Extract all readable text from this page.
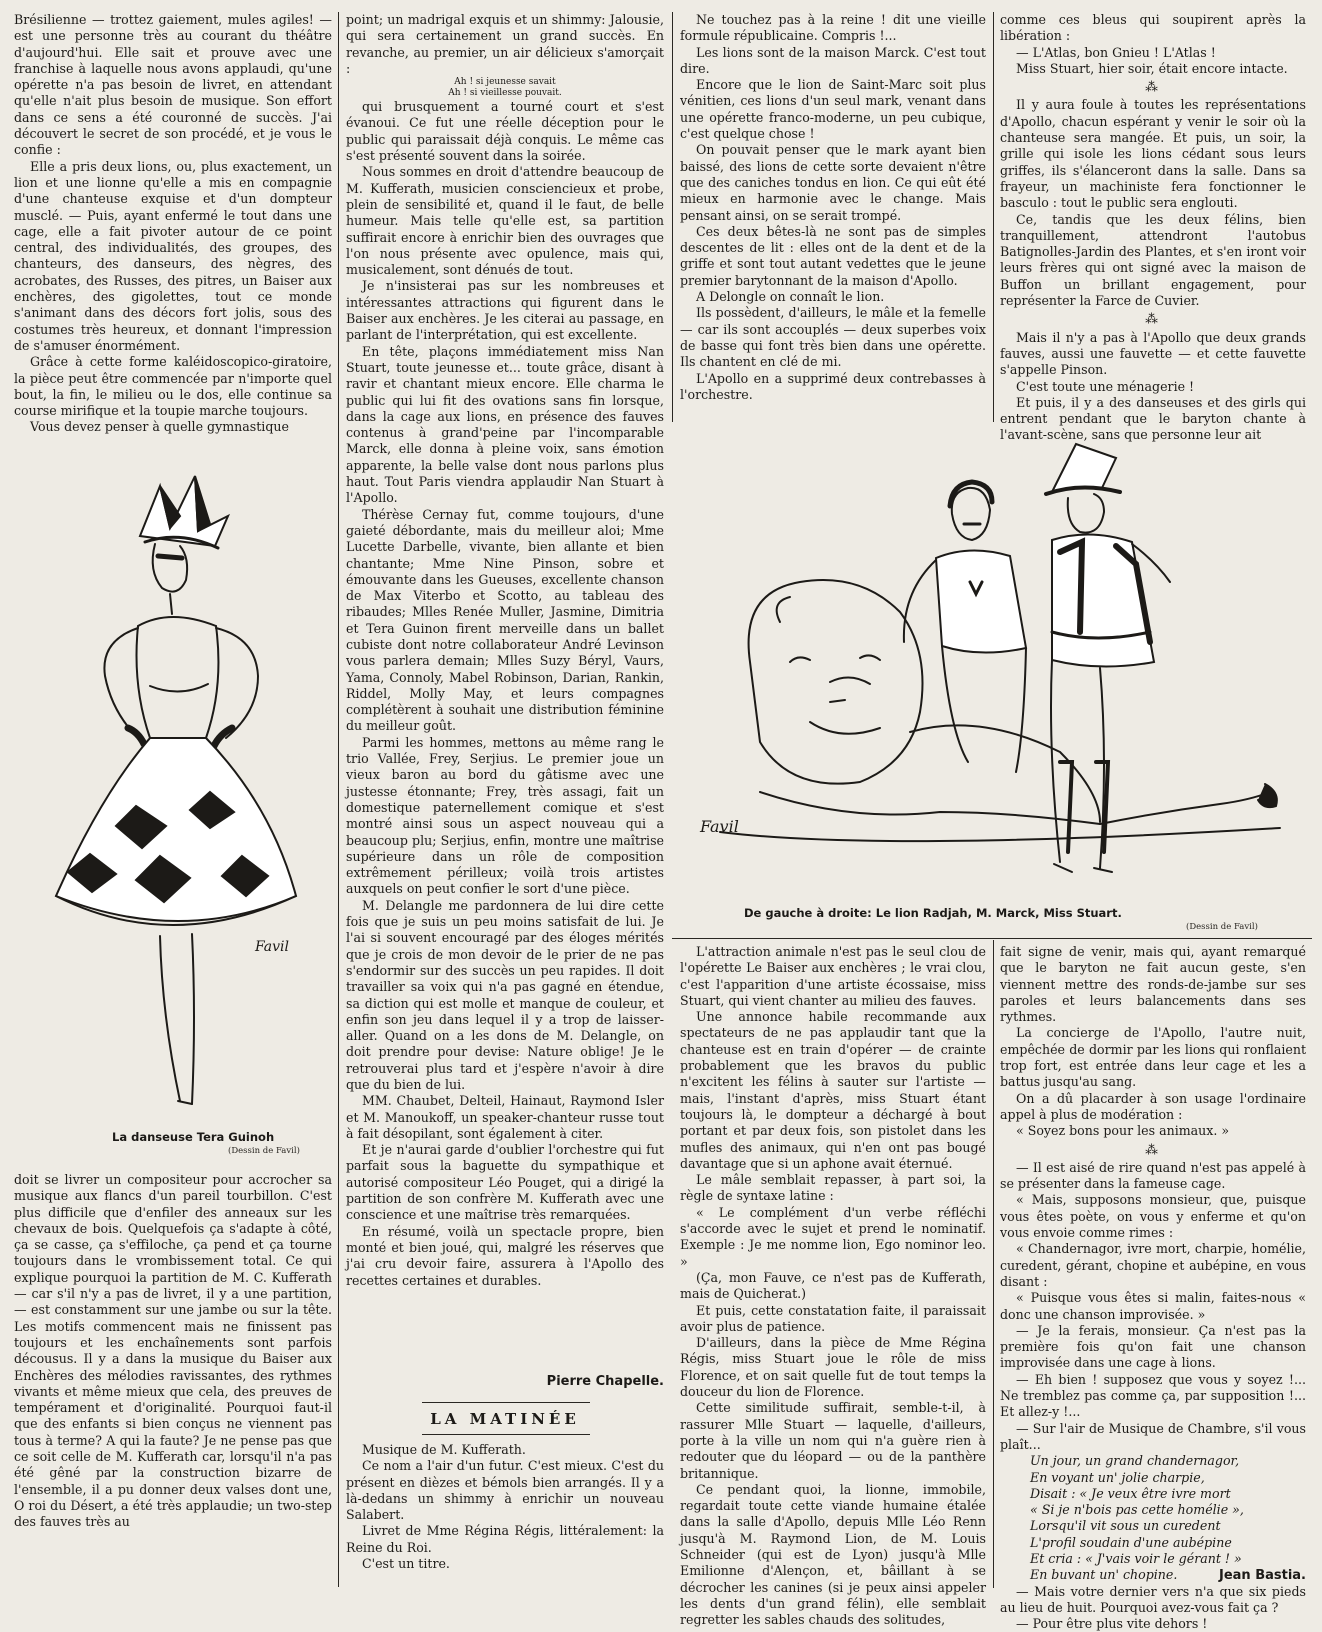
Brésilienne — trottez gaiement, mules agiles! — est une personne très au courant du théâtre d'aujourd'hui. Elle sait et prouve avec une franchise à laquelle nous avons applaudi, qu'une opérette n'a pas besoin de livret, en attendant qu'elle n'ait plus besoin de musique. Son effort dans ce sens a été couronné de succès. J'ai découvert le secret de son procédé, et je vous le confie :

Elle a pris deux lions, ou, plus exactement, un lion et une lionne qu'elle a mis en compagnie d'une chanteuse exquise et d'un dompteur musclé. — Puis, ayant enfermé le tout dans une cage, elle a fait pivoter autour de ce point central, des individualités, des groupes, des chanteurs, des danseurs, des nègres, des acrobates, des Russes, des pitres, un Baiser aux enchères, des gigolettes, tout ce monde s'animant dans des décors fort jolis, sous des costumes très heureux, et donnant l'impression de s'amuser énormément.

Grâce à cette forme kaléidoscopico-giratoire, la pièce peut être commencée par n'importe quel bout, la fin, le milieu ou le dos, elle continue sa course mirifique et la toupie marche toujours.

Vous devez penser à quelle gymnastique

Favil
La danseuse Tera Guinoh
(Dessin de Favil)

doit se livrer un compositeur pour accrocher sa musique aux flancs d'un pareil tourbillon. C'est plus difficile que d'enfiler des anneaux sur les chevaux de bois. Quelquefois ça s'adapte à côté, ça se casse, ça s'effiloche, ça pend et ça tourne toujours dans le vrombissement total. Ce qui explique pourquoi la partition de M. C. Kufferath — car s'il n'y a pas de livret, il y a une partition, — est constamment sur une jambe ou sur la tête. Les motifs commencent mais ne finissent pas toujours et les enchaînements sont parfois décousus. Il y a dans la musique du Baiser aux Enchères des mélodies ravissantes, des rythmes vivants et même mieux que cela, des preuves de tempérament et d'originalité. Pourquoi faut-il que des enfants si bien conçus ne viennent pas tous à terme? A qui la faute? Je ne pense pas que ce soit celle de M. Kufferath car, lorsqu'il n'a pas été gêné par la construction bizarre de l'ensemble, il a pu donner deux valses dont une, O roi du Désert, a été très applaudie; un two-step des fauves très au

point; un madrigal exquis et un shimmy: Jalousie, qui sera certainement un grand succès. En revanche, au premier, un air délicieux s'amorçait :

Ah ! si jeunesse savait

Ah ! si vieillesse pouvait.

qui brusquement a tourné court et s'est évanoui. Ce fut une réelle déception pour le public qui paraissait déjà conquis. Le même cas s'est présenté souvent dans la soirée.

Nous sommes en droit d'attendre beaucoup de M. Kufferath, musicien consciencieux et probe, plein de sensibilité et, quand il le faut, de belle humeur. Mais telle qu'elle est, sa partition suffirait encore à enrichir bien des ouvrages que l'on nous présente avec opulence, mais qui, musicalement, sont dénués de tout.

Je n'insisterai pas sur les nombreuses et intéressantes attractions qui figurent dans le Baiser aux enchères. Je les citerai au passage, en parlant de l'interprétation, qui est excellente.

En tête, plaçons immédiatement miss Nan Stuart, toute jeunesse et... toute grâce, disant à ravir et chantant mieux encore. Elle charma le public qui lui fit des ovations sans fin lorsque, dans la cage aux lions, en présence des fauves contenus à grand'peine par l'incomparable Marck, elle donna à pleine voix, sans émotion apparente, la belle valse dont nous parlons plus haut. Tout Paris viendra applaudir Nan Stuart à l'Apollo.

Thérèse Cernay fut, comme toujours, d'une gaieté débordante, mais du meilleur aloi; Mme Lucette Darbelle, vivante, bien allante et bien chantante; Mme Nine Pinson, sobre et émouvante dans les Gueuses, excellente chanson de Max Viterbo et Scotto, au tableau des ribaudes; Mlles Renée Muller, Jasmine, Dimitria et Tera Guinon firent merveille dans un ballet cubiste dont notre collaborateur André Levinson vous parlera demain; Mlles Suzy Béryl, Vaurs, Yama, Connoly, Mabel Robinson, Darian, Rankin, Riddel, Molly May, et leurs compagnes complétèrent à souhait une distribution féminine du meilleur goût.

Parmi les hommes, mettons au même rang le trio Vallée, Frey, Serjius. Le premier joue un vieux baron au bord du gâtisme avec une justesse étonnante; Frey, très assagi, fait un domestique paternellement comique et s'est montré ainsi sous un aspect nouveau qui a beaucoup plu; Serjius, enfin, montre une maîtrise supérieure dans un rôle de composition extrêmement périlleux; voilà trois artistes auxquels on peut confier le sort d'une pièce.

M. Delangle me pardonnera de lui dire cette fois que je suis un peu moins satisfait de lui. Je l'ai si souvent encouragé par des éloges mérités que je crois de mon devoir de le prier de ne pas s'endormir sur des succès un peu rapides. Il doit travailler sa voix qui n'a pas gagné en étendue, sa diction qui est molle et manque de couleur, et enfin son jeu dans lequel il y a trop de laisser-aller. Quand on a les dons de M. Delangle, on doit prendre pour devise: Nature oblige! Je le retrouverai plus tard et j'espère n'avoir à dire que du bien de lui.

MM. Chaubet, Delteil, Hainaut, Raymond Isler et M. Manoukoff, un speaker-chanteur russe tout à fait désopilant, sont également à citer.

Et je n'aurai garde d'oublier l'orchestre qui fut parfait sous la baguette du sympathique et autorisé compositeur Léo Pouget, qui a dirigé la partition de son confrère M. Kufferath avec une conscience et une maîtrise très remarquées.

En résumé, voilà un spectacle propre, bien monté et bien joué, qui, malgré les réserves que j'ai cru devoir faire, assurera à l'Apollo des recettes certaines et durables.

Pierre Chapelle.

LA MATINÉE

Musique de M. Kufferath.

Ce nom a l'air d'un futur. C'est mieux. C'est du présent en dièzes et bémols bien arrangés. Il y a là-dedans un shimmy à enrichir un nouveau Salabert.

Livret de Mme Régina Régis, littéralement: la Reine du Roi.

C'est un titre.

Ne touchez pas à la reine ! dit une vieille formule républicaine. Compris !...

Les lions sont de la maison Marck. C'est tout dire.

Encore que le lion de Saint-Marc soit plus vénitien, ces lions d'un seul mark, venant dans une opérette franco-moderne, un peu cubique, c'est quelque chose !

On pouvait penser que le mark ayant bien baissé, des lions de cette sorte devaient n'être que des caniches tondus en lion. Ce qui eût été mieux en harmonie avec le change. Mais pensant ainsi, on se serait trompé.

Ces deux bêtes-là ne sont pas de simples descentes de lit : elles ont de la dent et de la griffe et sont tout autant vedettes que le jeune premier barytonnant de la maison d'Apollo.

A Delongle on connaît le lion.

Ils possèdent, d'ailleurs, le mâle et la femelle — car ils sont accouplés — deux superbes voix de basse qui font très bien dans une opérette. Ils chantent en clé de mi.

L'Apollo en a supprimé deux contrebasses à l'orchestre.

comme ces bleus qui soupirent après la libération :

— L'Atlas, bon Gnieu ! L'Atlas !

Miss Stuart, hier soir, était encore intacte.

⁂

Il y aura foule à toutes les représentations d'Apollo, chacun espérant y venir le soir où la chanteuse sera mangée. Et puis, un soir, la grille qui isole les lions cédant sous leurs griffes, ils s'élanceront dans la salle. Dans sa frayeur, un machiniste fera fonctionner le basculo : tout le public sera englouti.

Ce, tandis que les deux félins, bien tranquillement, attendront l'autobus Batignolles-Jardin des Plantes, et s'en iront voir leurs frères qui ont signé avec la maison de Buffon un brillant engagement, pour représenter la Farce de Cuvier.

⁂

Mais il n'y a pas à l'Apollo que deux grands fauves, aussi une fauvette — et cette fauvette s'appelle Pinson.

C'est toute une ménagerie !

Et puis, il y a des danseuses et des girls qui entrent pendant que le baryton chante à l'avant-scène, sans que personne leur ait

Favil
De gauche à droite: Le lion Radjah, M. Marck, Miss Stuart.
(Dessin de Favil)

L'attraction animale n'est pas le seul clou de l'opérette Le Baiser aux enchères ; le vrai clou, c'est l'apparition d'une artiste écossaise, miss Stuart, qui vient chanter au milieu des fauves.

Une annonce habile recommande aux spectateurs de ne pas applaudir tant que la chanteuse est en train d'opérer — de crainte probablement que les bravos du public n'excitent les félins à sauter sur l'artiste — mais, l'instant d'après, miss Stuart étant toujours là, le dompteur a déchargé à bout portant et par deux fois, son pistolet dans les mufles des animaux, qui n'en ont pas bougé davantage que si un aphone avait éternué.

Le mâle semblait repasser, à part soi, la règle de syntaxe latine :

« Le complément d'un verbe réfléchi s'accorde avec le sujet et prend le nominatif. Exemple : Je me nomme lion, Ego nominor leo. »

(Ça, mon Fauve, ce n'est pas de Kufferath, mais de Quicherat.)

Et puis, cette constatation faite, il paraissait avoir plus de patience.

D'ailleurs, dans la pièce de Mme Régina Régis, miss Stuart joue le rôle de miss Florence, et on sait quelle fut de tout temps la douceur du lion de Florence.

Cette similitude suffirait, semble-t-il, à rassurer Mlle Stuart — laquelle, d'ailleurs, porte à la ville un nom qui n'a guère rien à redouter que du léopard — ou de la panthère britannique.

Ce pendant quoi, la lionne, immobile, regardait toute cette viande humaine étalée dans la salle d'Apollo, depuis Mlle Léo Renn jusqu'à M. Raymond Lion, de M. Louis Schneider (qui est de Lyon) jusqu'à Mlle Emilionne d'Alençon, et, bâillant à se décrocher les canines (si je peux ainsi appeler les dents d'un grand félin), elle semblait regretter les sables chauds des solitudes,

fait signe de venir, mais qui, ayant remarqué que le baryton ne fait aucun geste, s'en viennent mettre des ronds-de-jambe sur ses paroles et leurs balancements dans ses rythmes.

La concierge de l'Apollo, l'autre nuit, empêchée de dormir par les lions qui ronflaient trop fort, est entrée dans leur cage et les a battus jusqu'au sang.

On a dû placarder à son usage l'ordinaire appel à plus de modération :

« Soyez bons pour les animaux. »

⁂

— Il est aisé de rire quand n'est pas appelé à se présenter dans la fameuse cage.

« Mais, supposons monsieur, que, puisque vous êtes poète, on vous y enferme et qu'on vous envoie comme rimes :

« Chandernagor, ivre mort, charpie, homélie, curedent, gérant, chopine et aubépine, en vous disant :

« Puisque vous êtes si malin, faites-nous « donc une chanson improvisée. »

— Je la ferais, monsieur. Ça n'est pas la première fois qu'on fait une chanson improvisée dans une cage à lions.

— Eh bien ! supposez que vous y soyez !... Ne tremblez pas comme ça, par supposition !... Et allez-y !...

— Sur l'air de Musique de Chambre, s'il vous plaît...

Un jour, un grand chandernagor,

En voyant un' jolie charpie,

Disait : « Je veux être ivre mort

« Si je n'bois pas cette homélie »,

Lorsqu'il vit sous un curedent

L'profil soudain d'une aubépine

Et cria : « J'vais voir le gérant ! »

En buvant un' chopine.

— Mais votre dernier vers n'a que six pieds au lieu de huit. Pourquoi avez-vous fait ça ?

— Pour être plus vite dehors !

Jean Bastia.
